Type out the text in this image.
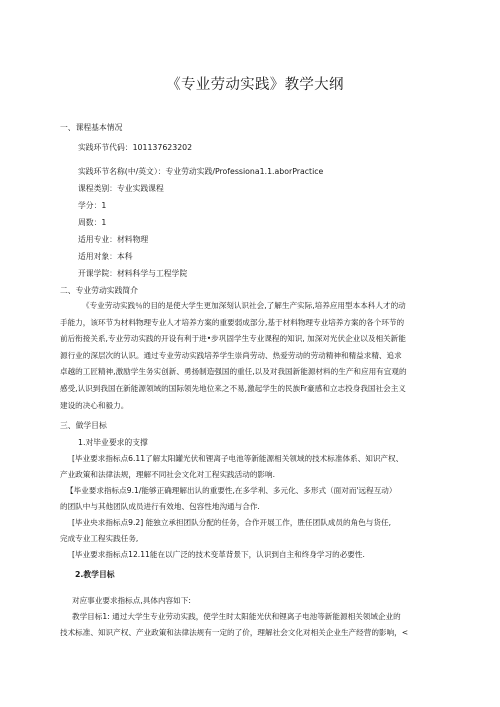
《专业劳动实践》教学大纲

一、课程基本情况

实践环节代码：101137623202

实践环节名称(中/英文）：专业劳动实践/Professiona1.1.aborPractice

课程类别：专业实践课程

学分：1

周数：1

适用专业：材料物理

适用对象：本科

开课学院：材料科学与工程学院

二、专业劳动实践简介

《专业劳动实践％的目的是使大学生更加深刻认识社会,了解生产实际,培养应用型本本科人才的动
手能力，该环节为材料物理专业人才培养方案的重要弱成部分,基于材料物理专业培养方案的各个环节的
前后衔接关系,专业劳动实践的开设有利于进•步巩固学生专业课程的知识, 加深对光伏企业以及相关新能
源行业的深层次的认识。通过专业劳动实践培养学生崇尚劳动、热爱劳动的劳动精神和精益求精、追求
卓越的工匠精神,激励学生务实创新、勇扬制造强国的重任,以及对我国新能源材料的生产和应用有宜观的
感受,认识到我国在新能源领域的国际领先地位来之不易,激起学生的民族Fr豪感和立志投身我国社会主义
建设的决心和毅力。

三、做学目标

1.对毕业要求的支撑

[毕业要求指标点6.11了解太阳罐光伏和锂离子电池等新能源相关领域的技术标准体系、知识产权、
产业政策和法律法规，理解不同社会文化对工程实践活动的影响.
【毕业要求指标点9.1/能够正确理解出认的重要性,在多学利、多元化、多形式（面对而'远程互动）
的团队中与其他团队成员进行有效地、包容性地沟通与合作.
[毕业央求指标点9.2] 能独立承担团队分配的任务，合作开展工作，胜任团队成员的角色与货任,
完成专业工程实践任务,
[毕业要求指标点12.11能在以广泛的技术变革背景下，认识到自主和终身学习的必要性.

2.教学目标

对应事业要求指标点,具体内容如下:
教学目标1: 通过大学生专业劳动实践，使学生时太阳能光伏和锂离子电池等新能源相关领域企业的
技术标准、知识产权、产业政策和法律法规有一定的了价，理解社会文化对相关企业生产经营的影响，<
